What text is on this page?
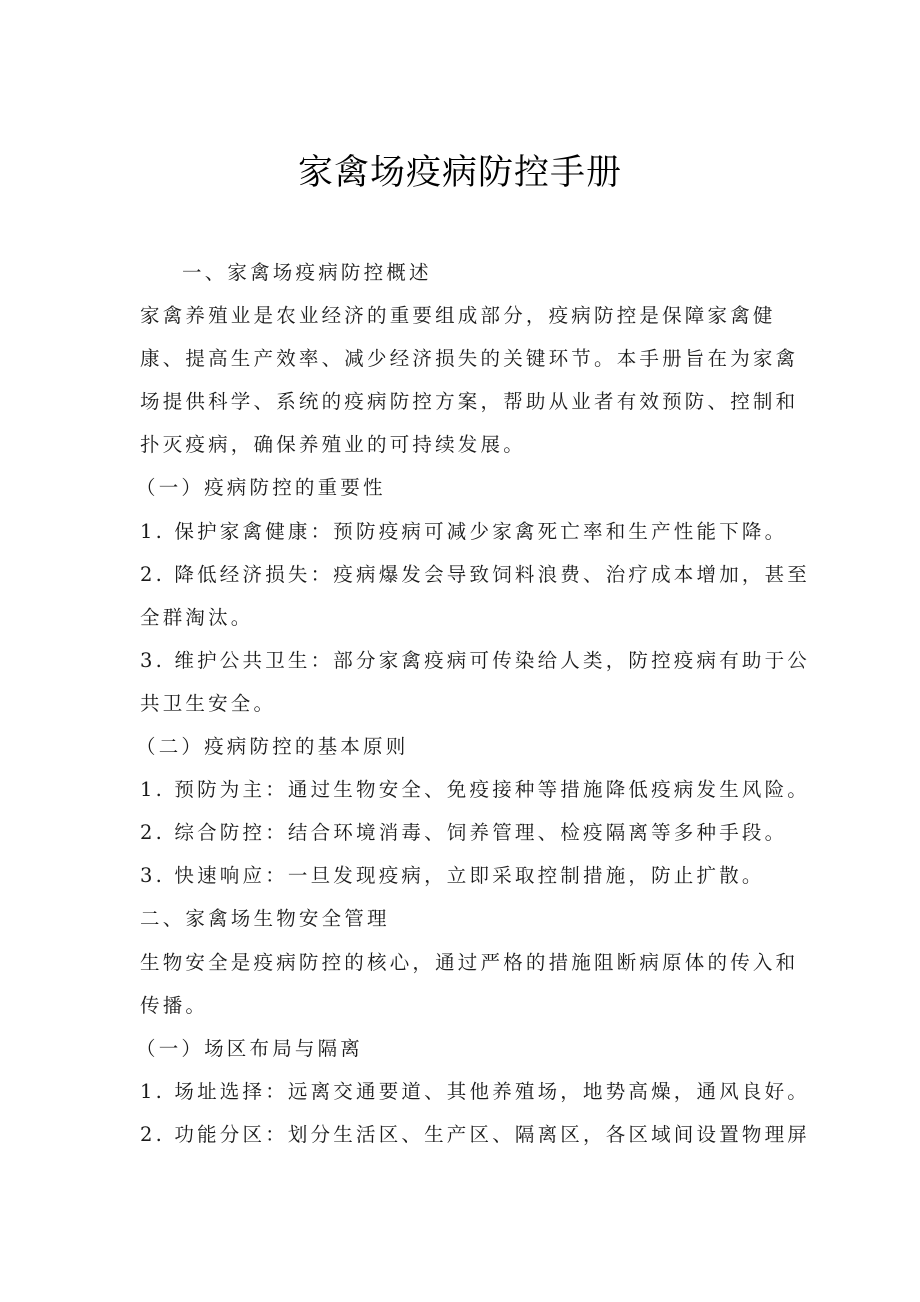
家禽场疫病防控手册
一、家禽场疫病防控概述
家禽养殖业是农业经济的重要组成部分，疫病防控是保障家禽健
康、提高生产效率、减少经济损失的关键环节。本手册旨在为家禽
场提供科学、系统的疫病防控方案，帮助从业者有效预防、控制和
扑灭疫病，确保养殖业的可持续发展。
（一）疫病防控的重要性
1. 保护家禽健康：预防疫病可减少家禽死亡率和生产性能下降。
2. 降低经济损失：疫病爆发会导致饲料浪费、治疗成本增加，甚至
全群淘汰。
3. 维护公共卫生：部分家禽疫病可传染给人类，防控疫病有助于公
共卫生安全。
（二）疫病防控的基本原则
1. 预防为主：通过生物安全、免疫接种等措施降低疫病发生风险。
2. 综合防控：结合环境消毒、饲养管理、检疫隔离等多种手段。
3. 快速响应：一旦发现疫病，立即采取控制措施，防止扩散。
二、家禽场生物安全管理
生物安全是疫病防控的核心，通过严格的措施阻断病原体的传入和
传播。
（一）场区布局与隔离
1. 场址选择：远离交通要道、其他养殖场，地势高燥，通风良好。
2. 功能分区：划分生活区、生产区、隔离区，各区域间设置物理屏
